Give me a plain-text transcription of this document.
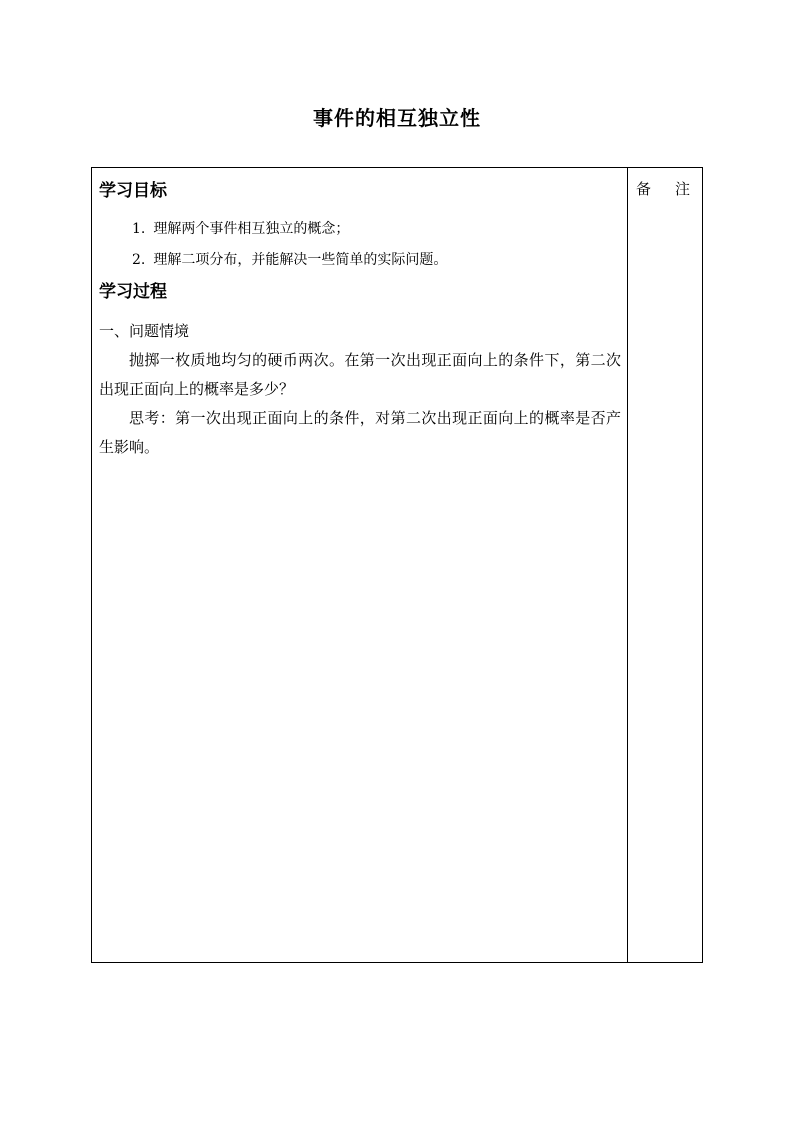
事件的相互独立性
学习目标
1. 理解两个事件相互独立的概念；
2. 理解二项分布，并能解决一些简单的实际问题。
学习过程
一、问题情境
抛掷一枚质地均匀的硬币两次。在第一次出现正面向上的条件下，第二次出现正面向上的概率是多少？
思考：第一次出现正面向上的条件，对第二次出现正面向上的概率是否产生影响。
备 注
